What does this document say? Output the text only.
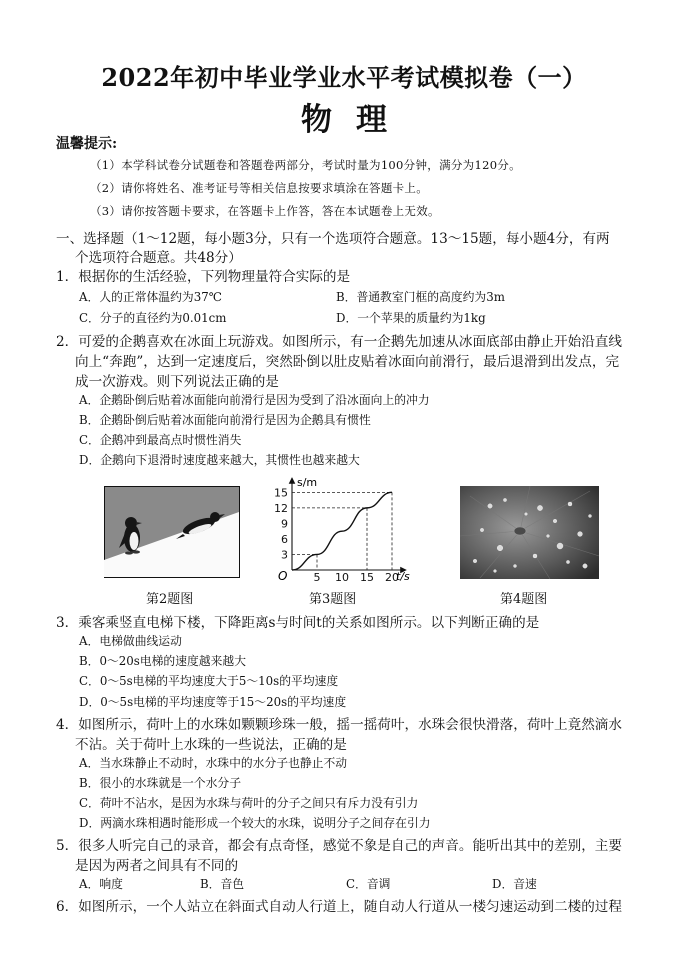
2022年初中毕业学业水平考试模拟卷（一）
物理
温馨提示:
（1）本学科试卷分试题卷和答题卷两部分，考试时量为100分钟，满分为120分。
（2）请你将姓名、准考证号等相关信息按要求填涂在答题卡上。
（3）请你按答题卡要求，在答题卡上作答，答在本试题卷上无效。
一、选择题（1～12题，每小题3分，只有一个选项符合题意。13～15题，每小题4分，有两
个选项符合题意。共48分）
1．根据你的生活经验，下列物理量符合实际的是
A．人的正常体温约为37℃	B．普通教室门框的高度约为3m
C．分子的直径约为0.01cm	D．一个苹果的质量约为1kg
2．可爱的企鹅喜欢在冰面上玩游戏。如图所示，有一企鹅先加速从冰面底部由静止开始沿直线
向上“奔跑”，达到一定速度后，突然卧倒以肚皮贴着冰面向前滑行，最后退滑到出发点，完
成一次游戏。则下列说法正确的是
A．企鹅卧倒后贴着冰面能向前滑行是因为受到了沿冰面向上的冲力
B．企鹅卧倒后贴着冰面能向前滑行是因为企鹅具有惯性
C．企鹅冲到最高点时惯性消失
D．企鹅向下退滑时速度越来越大，其惯性也越来越大
3
6
9
12
15
5 10 15 20
s/m
t/s
O
第2题图	第3题图	第4题图
3．乘客乘竖直电梯下楼，下降距离s与时间t的关系如图所示。以下判断正确的是
A．电梯做曲线运动
B．0～20s电梯的速度越来越大
C．0～5s电梯的平均速度大于5～10s的平均速度
D．0～5s电梯的平均速度等于15～20s的平均速度
4．如图所示，荷叶上的水珠如颗颗珍珠一般，摇一摇荷叶，水珠会很快滑落，荷叶上竟然滴水
不沾。关于荷叶上水珠的一些说法，正确的是
A．当水珠静止不动时，水珠中的水分子也静止不动
B．很小的水珠就是一个水分子
C．荷叶不沾水，是因为水珠与荷叶的分子之间只有斥力没有引力
D．两滴水珠相遇时能形成一个较大的水珠，说明分子之间存在引力
5．很多人听完自己的录音，都会有点奇怪，感觉不象是自己的声音。能听出其中的差别，主要
是因为两者之间具有不同的
A．响度	B．音色	C．音调	D．音速
6．如图所示，一个人站立在斜面式自动人行道上，随自动人行道从一楼匀速运动到二楼的过程
